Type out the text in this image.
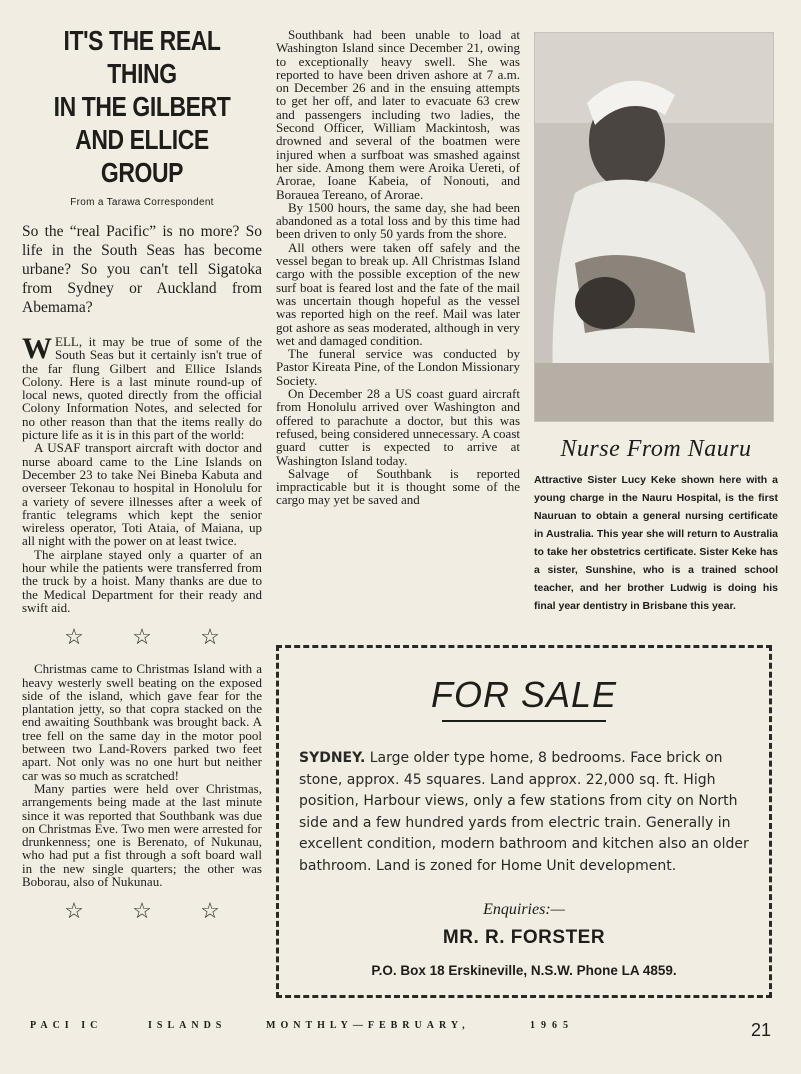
IT'S THE REAL THING
IN THE GILBERT
AND ELLICE GROUP
From a Tarawa Correspondent

So the “real Pacific” is no more? So life in the South Seas has become urbane? So you can't tell Sigatoka from Sydney or Auckland from Abemama?

WELL, it may be true of some of the South Seas but it certainly isn't true of the far flung Gilbert and Ellice Islands Colony. Here is a last minute round-up of local news, quoted directly from the official Colony Information Notes, and selected for no other reason than that the items really do picture life as it is in this part of the world:

A USAF transport aircraft with doctor and nurse aboard came to the Line Islands on December 23 to take Nei Bineba Kabuta and overseer Tekonau to hospital in Honolulu for a variety of severe illnesses after a week of frantic telegrams which kept the senior wireless operator, Toti Ataia, of Maiana, up all night with the power on at least twice.

The airplane stayed only a quarter of an hour while the patients were transferred from the truck by a hoist. Many thanks are due to the Medical Department for their ready and swift aid.

☆ ☆ ☆

Christmas came to Christmas Island with a heavy westerly swell beating on the exposed side of the island, which gave fear for the plantation jetty, so that copra stacked on the end awaiting Southbank was brought back. A tree fell on the same day in the motor pool between two Land-Rovers parked two feet apart. Not only was no one hurt but neither car was so much as scratched!

Many parties were held over Christmas, arrangements being made at the last minute since it was reported that Southbank was due on Christmas Eve. Two men were arrested for drunkenness; one is Berenato, of Nukunau, who had put a fist through a soft board wall in the new single quarters; the other was Boborau, also of Nukunau.

☆ ☆ ☆

Southbank had been unable to load at Washington Island since December 21, owing to exceptionally heavy swell. She was reported to have been driven ashore at 7 a.m. on December 26 and in the ensuing attempts to get her off, and later to evacuate 63 crew and passengers including two ladies, the Second Officer, William Mackintosh, was drowned and several of the boatmen were injured when a surfboat was smashed against her side. Among them were Aroika Uereti, of Arorae, Ioane Kabeia, of Nonouti, and Borauea Tereano, of Arorae.

By 1500 hours, the same day, she had been abandoned as a total loss and by this time had been driven to only 50 yards from the shore.

All others were taken off safely and the vessel began to break up. All Christmas Island cargo with the possible exception of the new surf boat is feared lost and the fate of the mail was uncertain though hopeful as the vessel was reported high on the reef. Mail was later got ashore as seas moderated, although in very wet and damaged condition.

The funeral service was conducted by Pastor Kireata Pine, of the London Missionary Society.

On December 28 a US coast guard aircraft from Honolulu arrived over Washington and offered to parachute a doctor, but this was refused, being considered unnecessary. A coast guard cutter is expected to arrive at Washington Island today.

Salvage of Southbank is reported impracticable but it is thought some of the cargo may yet be saved and

Nurse From Nauru

Attractive Sister Lucy Keke shown here with a young charge in the Nauru Hospital, is the first Nauruan to obtain a general nursing certificate in Australia. This year she will return to Australia to take her obstetrics certificate. Sister Keke has a sister, Sunshine, who is a trained school teacher, and her brother Ludwig is doing his final year dentistry in Brisbane this year.

FOR SALE

SYDNEY. Large older type home, 8 bedrooms. Face brick on stone, approx. 45 squares. Land approx. 22,000 sq. ft. High position, Harbour views, only a few stations from city on North side and a few hundred yards from electric train. Generally in excellent condition, modern bathroom and kitchen also an older bathroom. Land is zoned for Home Unit development.

Enquiries:—
MR. R. FORSTER
P.O. Box 18 Erskineville, N.S.W. Phone LA 4859.
PACI IC	ISLANDS	MONTHLY—FEBRUARY,	1965	21
